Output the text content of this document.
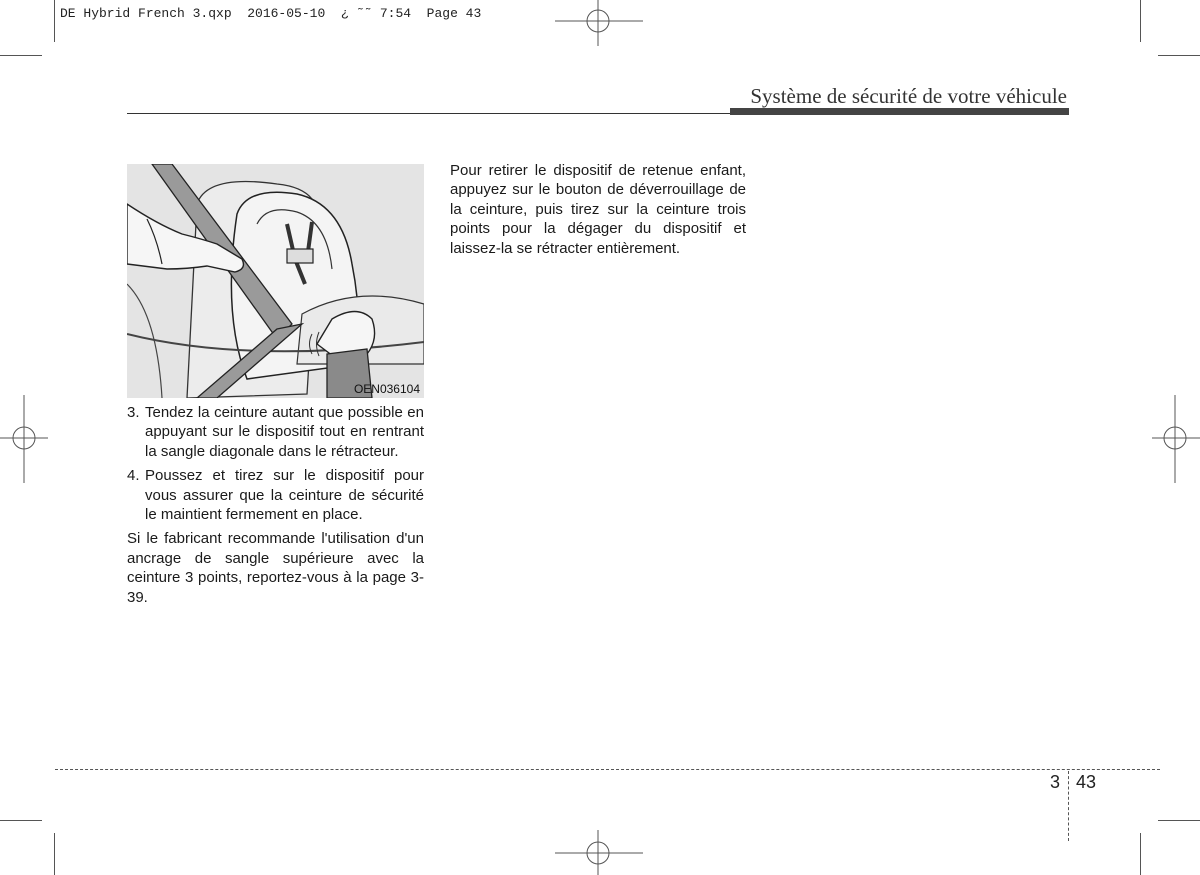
DE Hybrid French 3.qxp  2016-05-10  ¿ ˜˜ 7:54  Page 43
Système de sécurité de votre véhicule
OEN036104
3. Tendez la ceinture autant que possible en appuyant sur le dispositif tout en rentrant la sangle diagonale dans le rétracteur.
4. Poussez et tirez sur le dispositif pour vous assurer que la ceinture de sécurité le maintient fermement en place.

Si le fabricant recommande l'utilisation d'un ancrage de sangle supérieure avec la ceinture 3 points, reportez-vous à la page 3-39.

Pour retirer le dispositif de retenue enfant, appuyez sur le bouton de déverrouillage de la ceinture, puis tirez sur la ceinture trois points pour la dégager du dispositif et laissez-la se rétracter entièrement.

3 43
